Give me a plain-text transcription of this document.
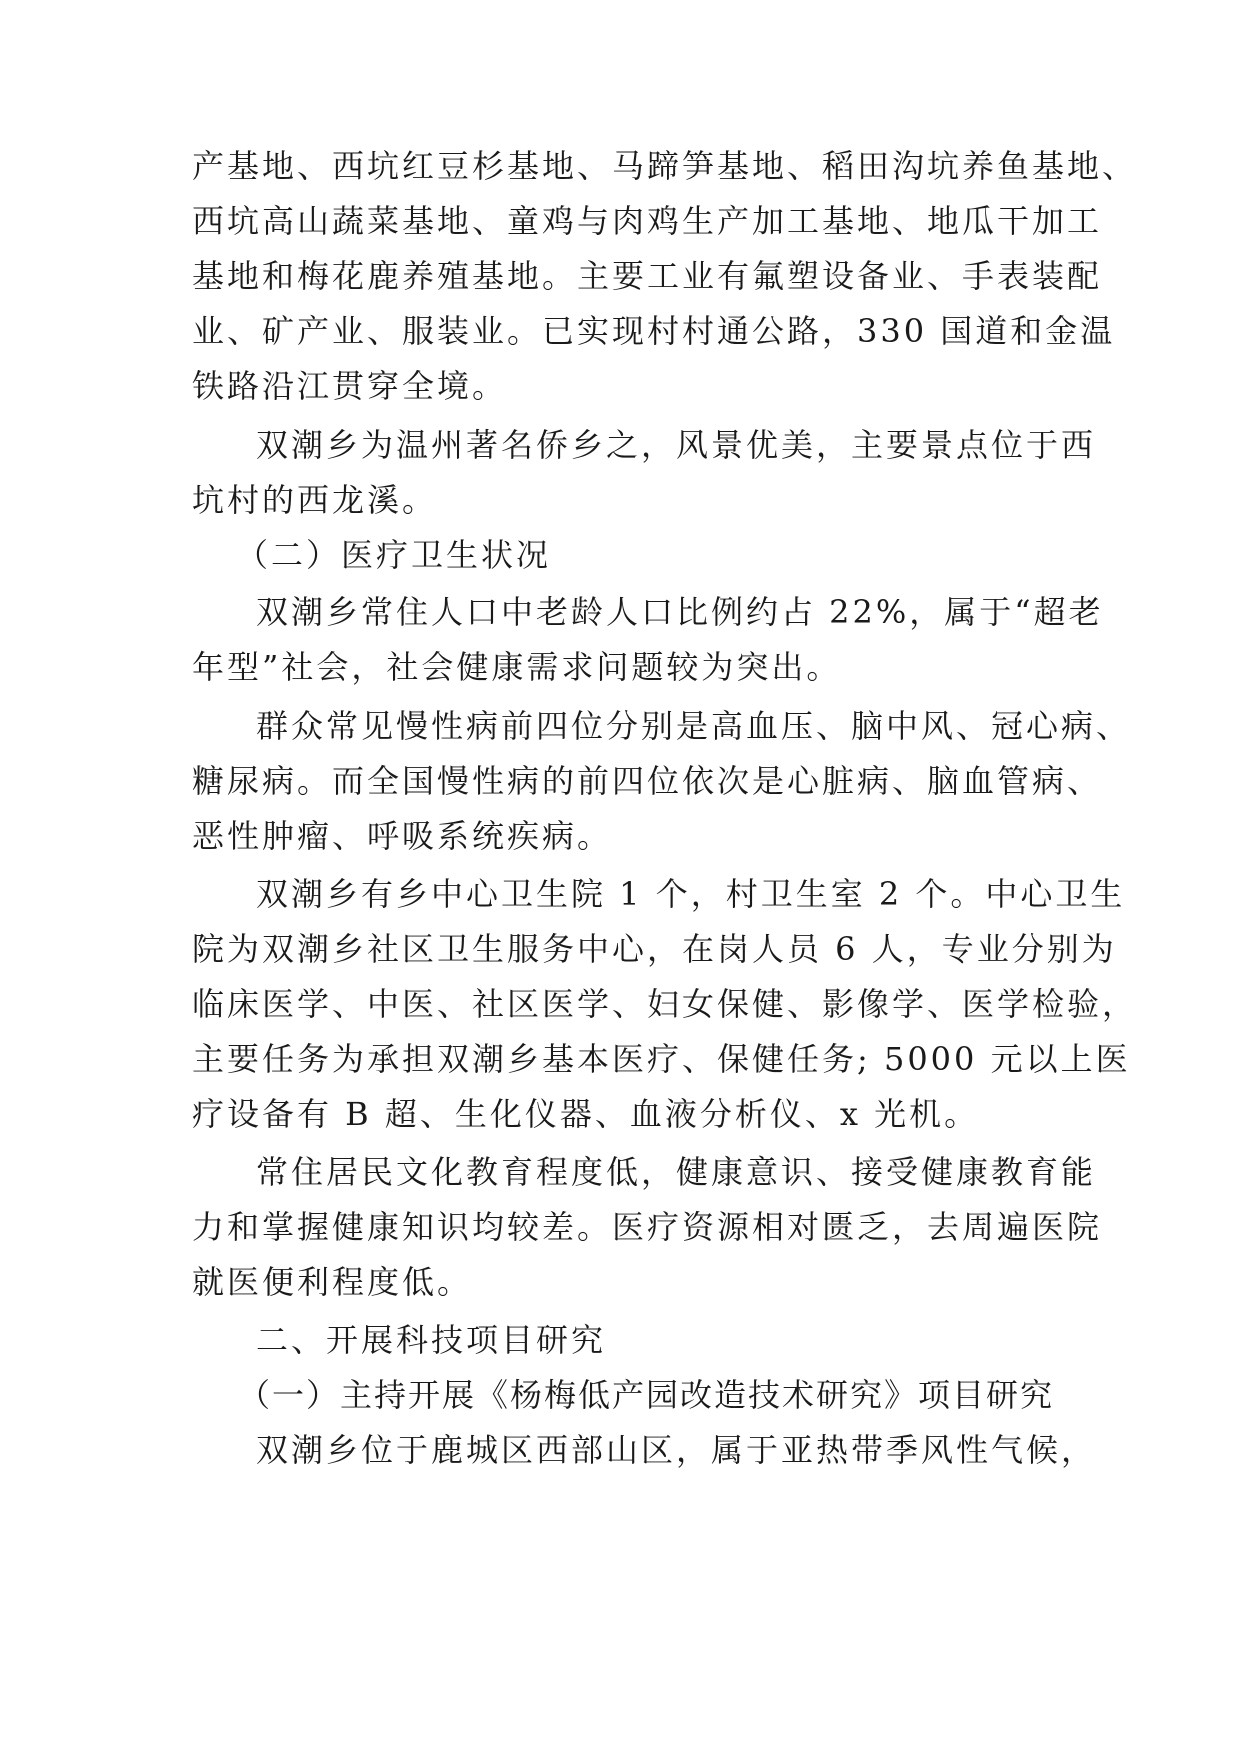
产基地、西坑红豆杉基地、马蹄笋基地、稻田沟坑养鱼基地、
西坑高山蔬菜基地、童鸡与肉鸡生产加工基地、地瓜干加工
基地和梅花鹿养殖基地。主要工业有氟塑设备业、手表装配
业、矿产业、服装业。已实现村村通公路，330 国道和金温
铁路沿江贯穿全境。
双潮乡为温州著名侨乡之，风景优美，主要景点位于西
坑村的西龙溪。
（二）医疗卫生状况
双潮乡常住人口中老龄人口比例约占 22%，属于“超老
年型”社会，社会健康需求问题较为突出。
群众常见慢性病前四位分别是高血压、脑中风、冠心病、
糖尿病。而全国慢性病的前四位依次是心脏病、脑血管病、
恶性肿瘤、呼吸系统疾病。
双潮乡有乡中心卫生院 1 个，村卫生室 2 个。中心卫生
院为双潮乡社区卫生服务中心，在岗人员 6 人，专业分别为
临床医学、中医、社区医学、妇女保健、影像学、医学检验，
主要任务为承担双潮乡基本医疗、保健任务; 5000 元以上医
疗设备有 B 超、生化仪器、血液分析仪、x 光机。
常住居民文化教育程度低，健康意识、接受健康教育能
力和掌握健康知识均较差。医疗资源相对匮乏，去周遍医院
就医便利程度低。
二、开展科技项目研究
（一）主持开展《杨梅低产园改造技术研究》项目研究
双潮乡位于鹿城区西部山区，属于亚热带季风性气候，
